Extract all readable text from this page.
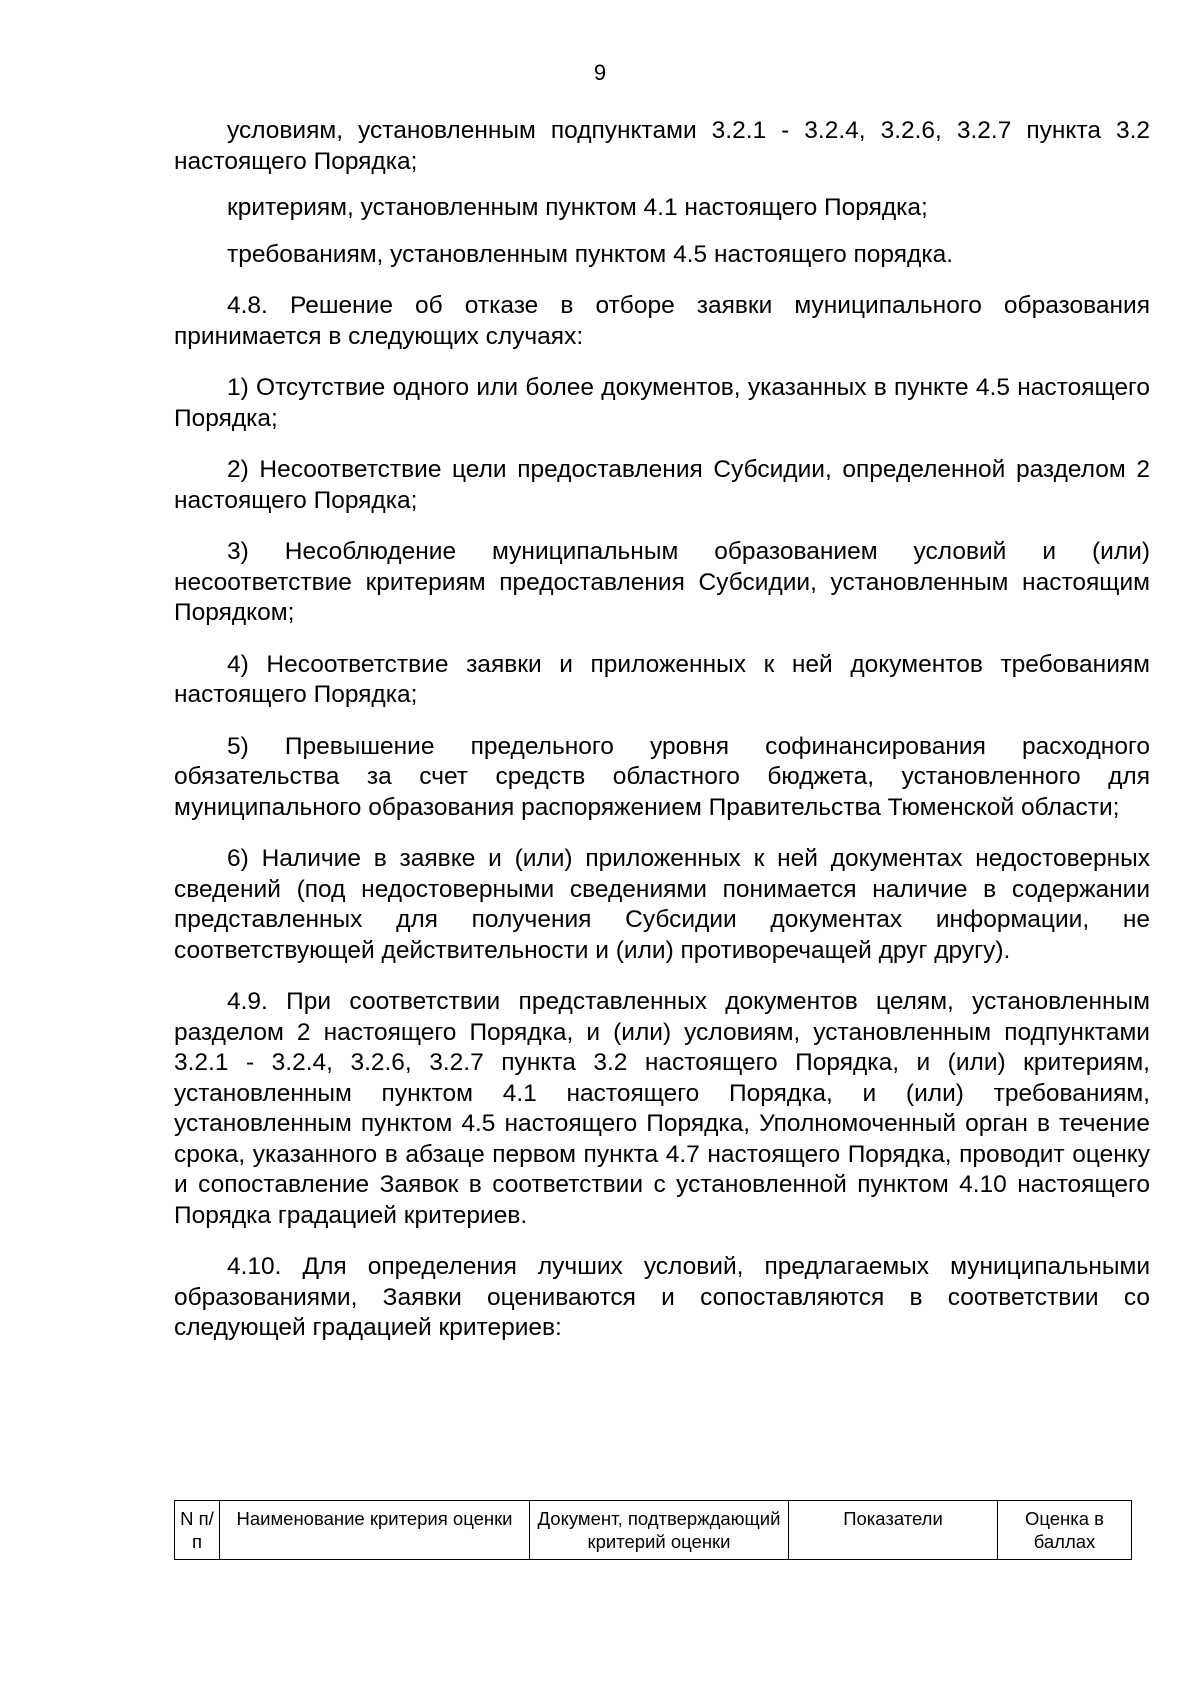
9

условиям, установленным подпунктами 3.2.1 - 3.2.4, 3.2.6, 3.2.7 пункта 3.2 настоящего Порядка;

критериям, установленным пунктом 4.1 настоящего Порядка;

требованиям, установленным пунктом 4.5 настоящего порядка.

4.8. Решение об отказе в отборе заявки муниципального образования принимается в следующих случаях:

1) Отсутствие одного или более документов, указанных в пункте 4.5 настоящего Порядка;

2) Несоответствие цели предоставления Субсидии, определенной разделом 2 настоящего Порядка;

3) Несоблюдение муниципальным образованием условий и (или) несоответствие критериям предоставления Субсидии, установленным настоящим Порядком;

4) Несоответствие заявки и приложенных к ней документов требованиям настоящего Порядка;

5) Превышение предельного уровня софинансирования расходного обязательства за счет средств областного бюджета, установленного для муниципального образования распоряжением Правительства Тюменской области;

6) Наличие в заявке и (или) приложенных к ней документах недостоверных сведений (под недостоверными сведениями понимается наличие в содержании представленных для получения Субсидии документах информации, не соответствующей действительности и (или) противоречащей друг другу).

4.9. При соответствии представленных документов целям, установленным разделом 2 настоящего Порядка, и (или) условиям, установленным подпунктами 3.2.1 - 3.2.4, 3.2.6, 3.2.7 пункта 3.2 настоящего Порядка, и (или) критериям, установленным пунктом 4.1 настоящего Порядка, и (или) требованиям, установленным пунктом 4.5 настоящего Порядка, Уполномоченный орган в течение срока, указанного в абзаце первом пункта 4.7 настоящего Порядка, проводит оценку и сопоставление Заявок в соответствии с установленной пунктом 4.10 настоящего Порядка градацией критериев.

4.10. Для определения лучших условий, предлагаемых муниципальными образованиями, Заявки оцениваются и сопоставляются в соответствии со следующей градацией критериев:

N п/п	Наименование критерия оценки	Документ, подтверждающий критерий оценки	Показатели	Оценка в баллах
